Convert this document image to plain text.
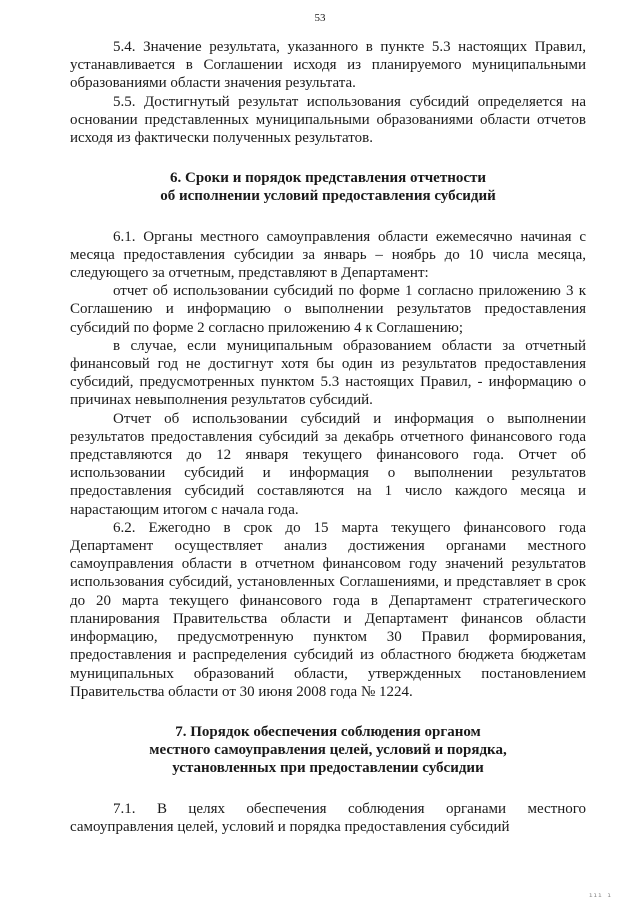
53

5.4. Значение результата, указанного в пункте 5.3 настоящих Правил, устанавливается в Соглашении исходя из планируемого муниципальными образованиями области значения результата.

5.5. Достигнутый результат использования субсидий определяется на основании представленных муниципальными образованиями области отчетов исходя из фактически полученных результатов.

6. Сроки и порядок представления отчетности
об исполнении условий предоставления субсидий

6.1. Органы местного самоуправления области ежемесячно начиная с месяца предоставления субсидии за январь – ноябрь до 10 числа месяца, следующего за отчетным, представляют в Департамент:

отчет об использовании субсидий по форме 1 согласно приложению 3 к Соглашению и информацию о выполнении результатов предоставления субсидий по форме 2 согласно приложению 4 к Соглашению;

в случае, если муниципальным образованием области за отчетный финансовый год не достигнут хотя бы один из результатов предоставления субсидий, предусмотренных пунктом 5.3 настоящих Правил, - информацию о причинах невыполнения результатов субсидий.

Отчет об использовании субсидий и информация о выполнении результатов предоставления субсидий за декабрь отчетного финансового года представляются до 12 января текущего финансового года. Отчет об использовании субсидий и информация о выполнении результатов предоставления субсидий составляются на 1 число каждого месяца и нарастающим итогом с начала года.

6.2. Ежегодно в срок до 15 марта текущего финансового года Департамент осуществляет анализ достижения органами местного самоуправления области в отчетном финансовом году значений результатов использования субсидий, установленных Соглашениями, и представляет в срок до 20 марта текущего финансового года в Департамент стратегического планирования Правительства области и Департамент финансов области информацию, предусмотренную пунктом 30 Правил формирования, предоставления и распределения субсидий из областного бюджета бюджетам муниципальных образований области, утвержденных постановлением Правительства области от 30 июня 2008 года № 1224.

7. Порядок обеспечения соблюдения органом
местного самоуправления целей, условий и порядка,
установленных при предоставлении субсидии

7.1. В целях обеспечения соблюдения органами местного самоуправления целей, условий и порядка предоставления субсидий

ııı ı
